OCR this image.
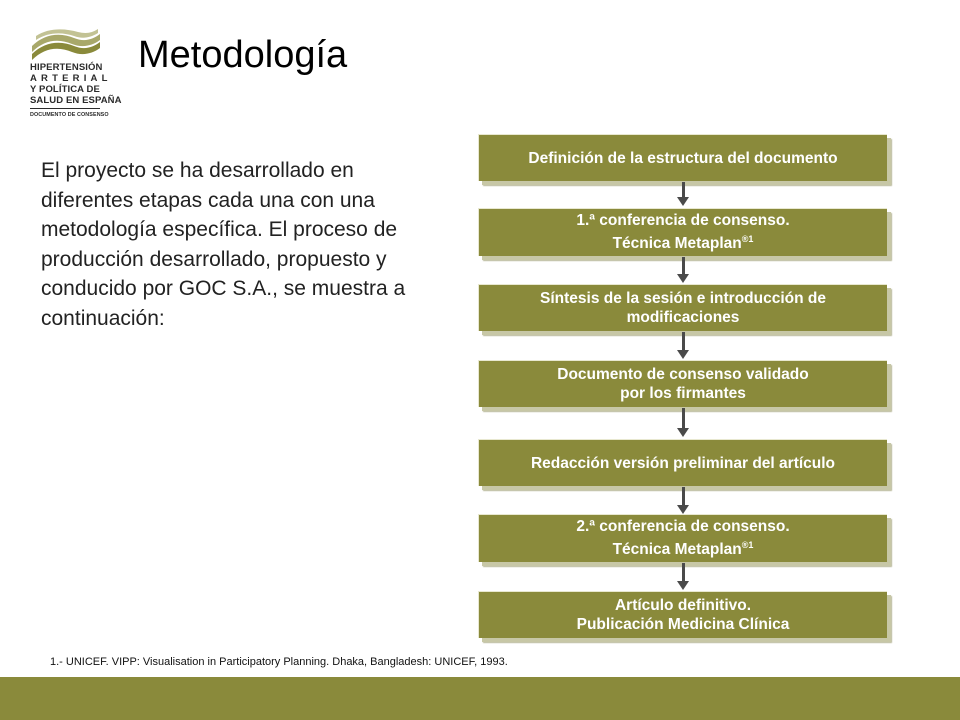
HIPERTENSIÓN
ARTERIAL
Y POLÍTICA DE
SALUD EN ESPAÑA
DOCUMENTO DE CONSENSO
Metodología

El proyecto se ha desarrollado en diferentes etapas cada una con una metodología específica. El proceso de producción desarrollado, propuesto y conducido por GOC S.A., se muestra a continuación:

Definición de la estructura del documento
1.ª conferencia de consenso.
Técnica Metaplan$^{®1}$
Síntesis de la sesión e introducción de
modificaciones
Documento de consenso validado
por los firmantes
Redacción versión preliminar del artículo
2.ª conferencia de consenso.
Técnica Metaplan$^{®1}$
Artículo definitivo.
Publicación Medicina Clínica
1.- UNICEF. VIPP: Visualisation in Participatory Planning. Dhaka, Bangladesh: UNICEF, 1993.
